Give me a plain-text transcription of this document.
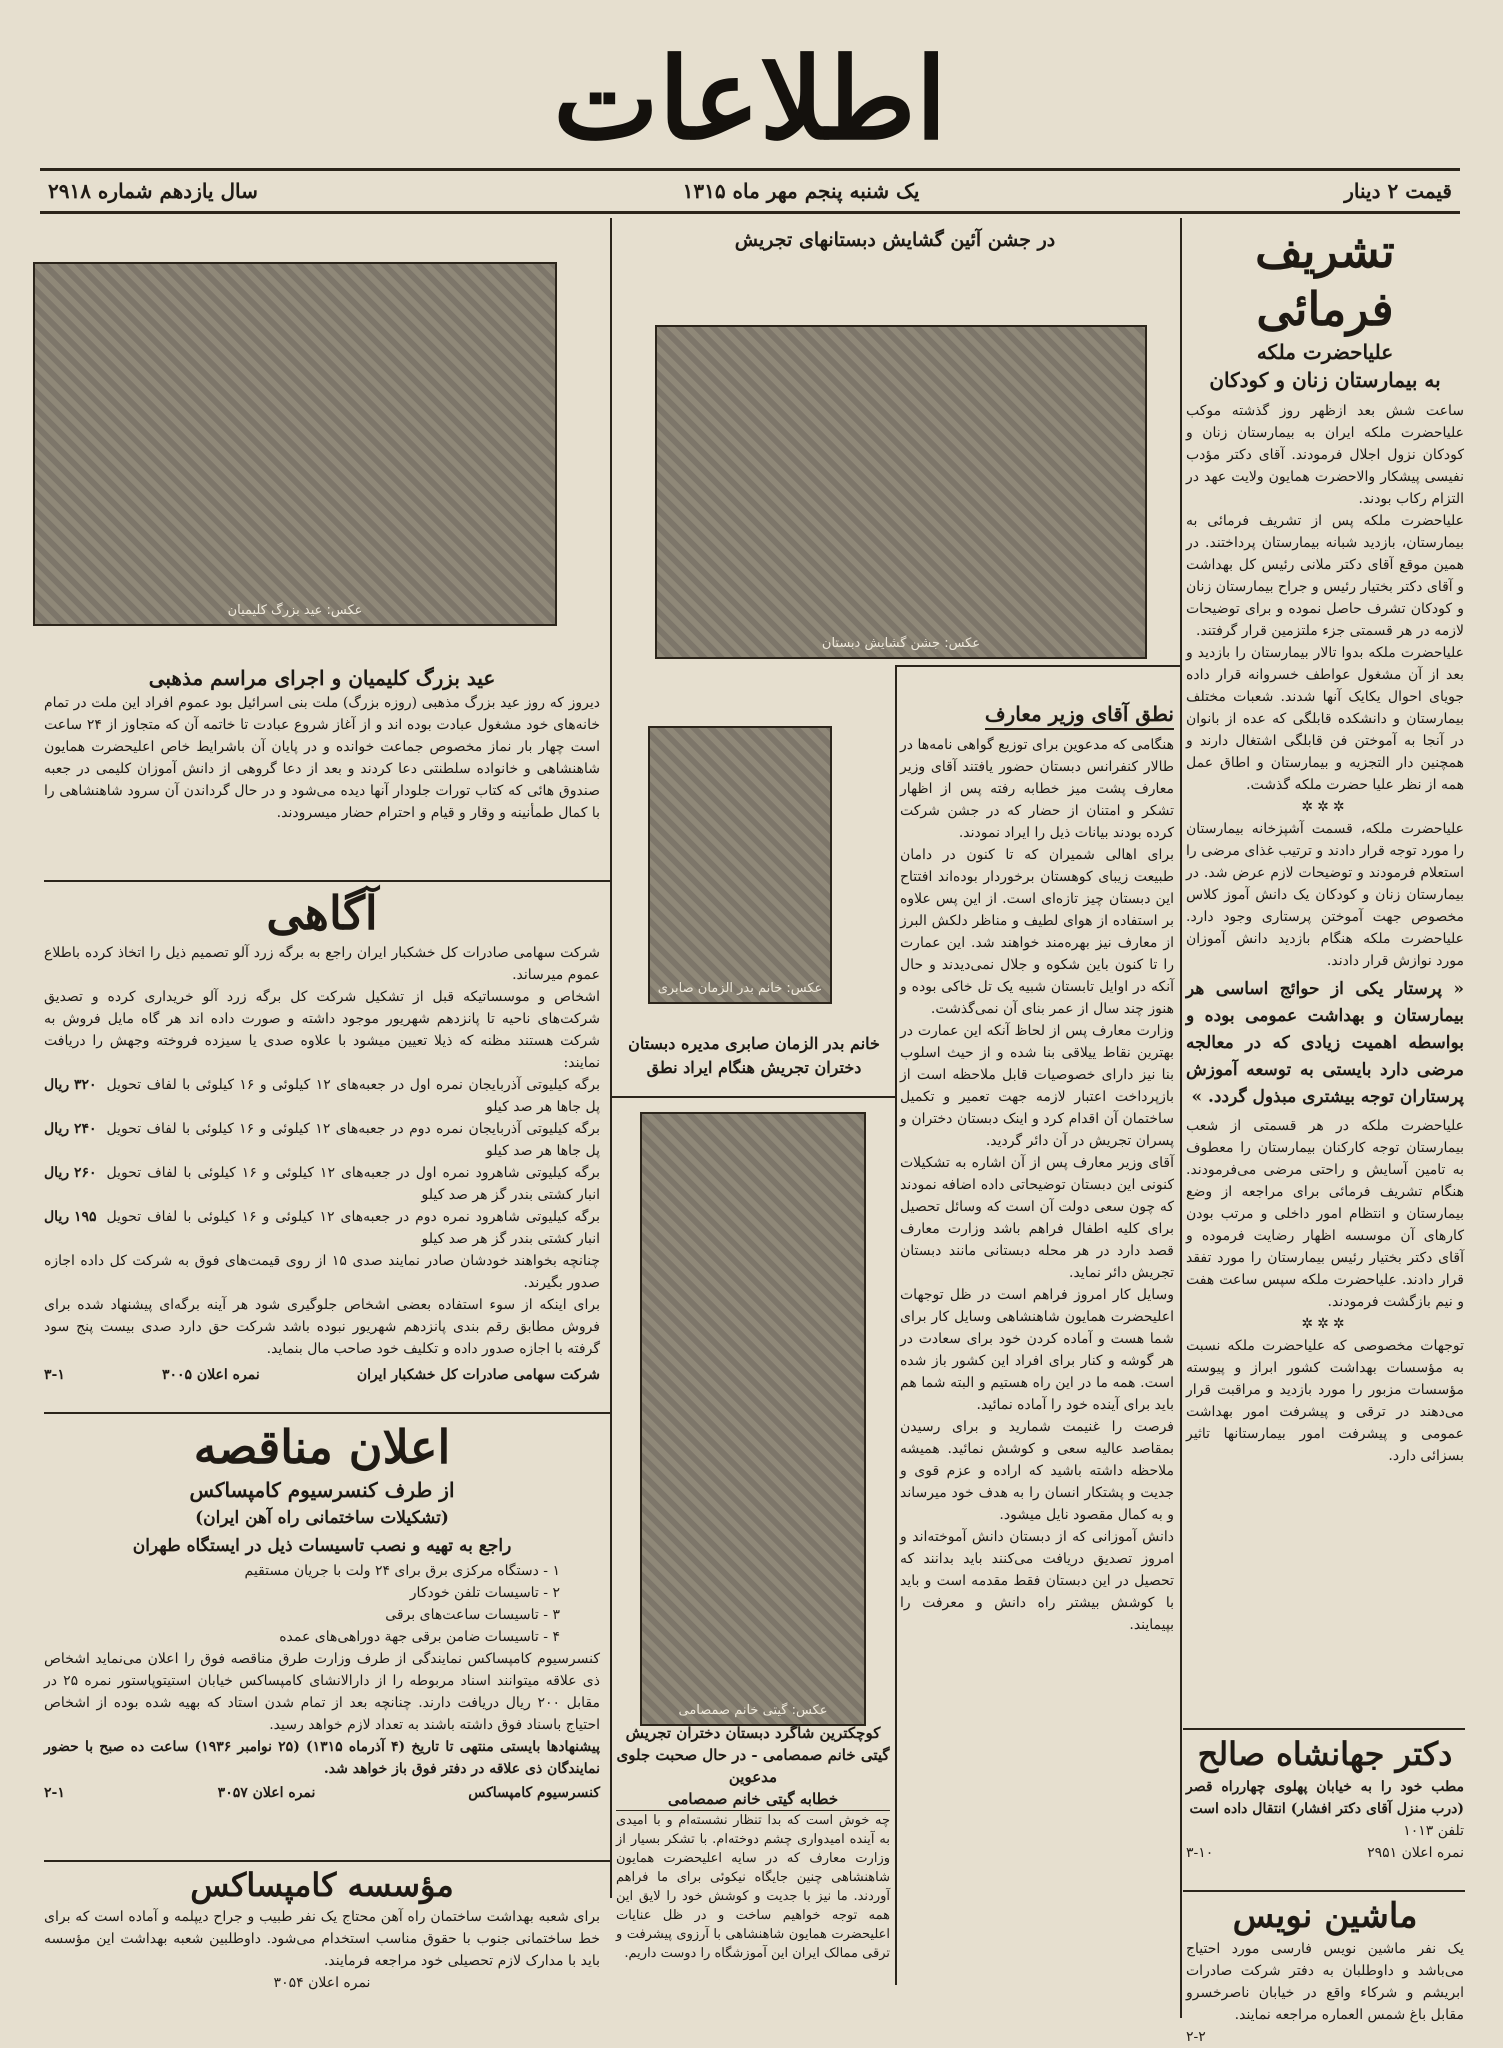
اطلاعات
سال یازدهم شماره ۲۹۱۸	یک شنبه پنجم مهر ماه ۱۳۱۵	قیمت ۲ دینار
تشریف فرمائی
علیاحضرت ملکه
به بیمارستان زنان و کودکان

ساعت شش بعد ازظهر روز گذشته موکب علیاحضرت ملکه ایران به بیمارستان زنان و کودکان نزول اجلال فرمودند. آقای دکتر مؤدب نفیسی پیشکار والاحضرت همایون ولایت عهد در التزام رکاب بودند.

علیاحضرت ملکه پس از تشریف فرمائی به بیمارستان، بازدید شبانه بیمارستان پرداختند. در همین موقع آقای دکتر ملانی رئیس کل بهداشت و آقای دکتر بختیار رئیس و جراح بیمارستان زنان و کودکان تشرف حاصل نموده و برای توضیحات لازمه در هر قسمتی جزء ملتزمین قرار گرفتند.

علیاحضرت ملکه بدوا تالار بیمارستان را بازدید و بعد از آن مشغول عواطف خسروانه قرار داده جویای احوال یکایک آنها شدند. شعبات مختلف بیمارستان و دانشکده قابلگی که عده از بانوان در آنجا به آموختن فن قابلگی اشتغال دارند و همچنین دار التجزیه و بیمارستان و اطاق عمل همه از نظر علیا حضرت ملکه گذشت.

✲✲✲
علیاحضرت ملکه، قسمت آشپزخانه بیمارستان را مورد توجه قرار دادند و ترتیب غذای مرضی را استعلام فرمودند و توضیحات لازم عرض شد. در بیمارستان زنان و کودکان یک دانش آموز کلاس مخصوص جهت آموختن پرستاری وجود دارد. علیاحضرت ملکه هنگام بازدید دانش آموزان مورد نوازش قرار دادند.
« پرستار یکی از حوائج اساسی هر بیمارستان و بهداشت عمومی بوده و بواسطه اهمیت زیادی که در معالجه مرضی دارد بایستی به توسعه آموزش پرستاران توجه بیشتری مبذول گردد. »
علیاحضرت ملکه در هر قسمتی از شعب بیمارستان توجه کارکنان بیمارستان را معطوف به تامین آسایش و راحتی مرضی می‌فرمودند. هنگام تشریف فرمائی برای مراجعه از وضع بیمارستان و انتظام امور داخلی و مرتب بودن کارهای آن موسسه اظهار رضایت فرموده و آقای دکتر بختیار رئیس بیمارستان را مورد تفقد قرار دادند. علیاحضرت ملکه سپس ساعت هفت و نیم بازگشت فرمودند.
✲✲✲
توجهات مخصوصی که علیاحضرت ملکه نسبت به مؤسسات بهداشت کشور ابراز و پیوسته مؤسسات مزبور را مورد بازدید و مراقبت قرار می‌دهند در ترقی و پیشرفت امور بهداشت عمومی و پیشرفت امور بیمارستانها تاثیر بسزائی دارد.
دکتر جهانشاه صالح
مطب خود را به خیابان پهلوی چهارراه قصر (درب منزل آقای دکتر افشار) انتقال داده است
تلفن ۱۰۱۳
نمره اعلان ۲۹۵۱
۳-۱۰
ماشین نویس
یک نفر ماشین نویس فارسی مورد احتیاج می‌باشد و داوطلبان به دفتر شرکت صادرات ابریشم و شرکاء واقع در خیابان ناصرخسرو مقابل باغ شمس العماره مراجعه نمایند.
۲-۲
در جشن آئین گشایش دبستانهای تجریش
عکس: جشن گشایش دبستان
نطق آقای وزیر معارف

هنگامی که مدعوین برای توزیع گواهی نامه‌ها در طالار کنفرانس دبستان حضور یافتند آقای وزیر معارف پشت میز خطابه رفته پس از اظهار تشکر و امتنان از حضار که در جشن شرکت کرده بودند بیانات ذیل را ایراد نمودند.

برای اهالی شمیران که تا کنون در دامان طبیعت زیبای کوهستان برخوردار بوده‌اند افتتاح این دبستان چیز تازه‌ای است. از این پس علاوه بر استفاده از هوای لطیف و مناظر دلکش البرز از معارف نیز بهره‌مند خواهند شد. این عمارت را تا کنون باین شکوه و جلال نمی‌دیدند و حال آنکه در اوایل تابستان شبیه یک تل خاکی بوده و هنوز چند سال از عمر بنای آن نمی‌گذشت.

وزارت معارف پس از لحاظ آنکه این عمارت در بهترین نقاط ییلاقی بنا شده و از حیث اسلوب بنا نیز دارای خصوصیات قابل ملاحظه است از بازپرداخت اعتبار لازمه جهت تعمیر و تکمیل ساختمان آن اقدام کرد و اینک دبستان دختران و پسران تجریش در آن دائر گردید.

آقای وزیر معارف پس از آن اشاره به تشکیلات کنونی این دبستان توضیحاتی داده اضافه نمودند که چون سعی دولت آن است که وسائل تحصیل برای کلیه اطفال فراهم باشد وزارت معارف قصد دارد در هر محله دبستانی مانند دبستان تجریش دائر نماید.

وسایل کار امروز فراهم است در ظل توجهات اعلیحضرت همایون شاهنشاهی وسایل کار برای شما هست و آماده کردن خود برای سعادت در هر گوشه و کنار برای افراد این کشور باز شده است. همه ما در این راه هستیم و البته شما هم باید برای آینده خود را آماده نمائید.

فرصت را غنیمت شمارید و برای رسیدن بمقاصد عالیه سعی و کوشش نمائید. همیشه ملاحظه داشته باشید که اراده و عزم قوی و جدیت و پشتکار انسان را به هدف خود میرساند و به کمال مقصود نایل میشود.

دانش آموزانی که از دبستان دانش آموخته‌اند و امروز تصدیق دریافت می‌کنند باید بدانند که تحصیل در این دبستان فقط مقدمه است و باید با کوشش بیشتر راه دانش و معرفت را بپیمایند.

عکس: خانم بدر الزمان صابری
خانم بدر الزمان صابری مدیره دبستان دختران تجریش هنگام ایراد نطق
عکس: گیتی خانم صمصامی
کوچکترین شاگرد دبستان دختران تجریش گیتی خانم صمصامی - در حال صحبت جلوی مدعوین
خطابه گیتی خانم صمصامی
چه خوش است که بدا تنظار نشسته‌ام و با امیدی به آینده امیدواری چشم دوخته‌ام. با تشکر بسیار از وزارت معارف که در سایه اعلیحضرت همایون شاهنشاهی چنین جایگاه نیکوئی برای ما فراهم آوردند. ما نیز با جدیت و کوشش خود را لایق این همه توجه خواهیم ساخت و در ظل عنایات اعلیحضرت همایون شاهنشاهی با آرزوی پیشرفت و ترقی ممالک ایران این آموزشگاه را دوست داریم.
عکس: عید بزرگ کلیمیان
عید بزرگ کلیمیان و اجرای مراسم مذهبی
دیروز که روز عید بزرگ مذهبی (روزه بزرگ) ملت بنی اسرائیل بود عموم افراد این ملت در تمام خانه‌های خود مشغول عبادت بوده اند و از آغاز شروع عبادت تا خاتمه آن که متجاوز از ۲۴ ساعت است چهار بار نماز مخصوص جماعت خوانده و در پایان آن باشرایط خاص اعلیحضرت همایون شاهنشاهی و خانواده سلطنتی دعا کردند و بعد از دعا گروهی از دانش آموزان کلیمی در جعبه صندوق هائی که کتاب تورات جلودار آنها دیده می‌شود و در حال گرداندن آن سرود شاهنشاهی را با کمال طمأنینه و وقار و قیام و احترام حضار میسرودند.
آگاهی
شرکت سهامی صادرات کل خشکبار ایران راجع به برگه زرد آلو تصمیم ذیل را اتخاذ کرده باطلاع عموم میرساند.
اشخاص و موسساتیکه قبل از تشکیل شرکت کل برگه زرد آلو خریداری کرده و تصدیق شرکت‌های ناحیه تا پانزدهم شهریور موجود داشته و صورت داده اند هر گاه مایل فروش به شرکت هستند مظنه که ذیلا تعیین میشود با علاوه صدی یا سیزده فروخته وجهش را دریافت نمایند:
برگه کیلیوتی آذربایجان نمره اول در جعبه‌های ۱۲ کیلوئی و ۱۶ کیلوئی با لفاف تحویل پل جاها هر صد کیلو
۳۲۰ ریال
برگه کیلیوتی آذربایجان نمره دوم در جعبه‌های ۱۲ کیلوئی و ۱۶ کیلوئی با لفاف تحویل پل جاها هر صد کیلو
۲۴۰ ریال
برگه کیلیوتی شاهرود نمره اول در جعبه‌های ۱۲ کیلوئی و ۱۶ کیلوئی با لفاف تحویل انبار کشتی بندر گز هر صد کیلو
۲۶۰ ریال
برگه کیلیوتی شاهرود نمره دوم در جعبه‌های ۱۲ کیلوئی و ۱۶ کیلوئی با لفاف تحویل انبار کشتی بندر گز هر صد کیلو
۱۹۵ ریال
چنانچه بخواهند خودشان صادر نمایند صدی ۱۵ از روی قیمت‌های فوق به شرکت کل داده اجازه صدور بگیرند.
برای اینکه از سوء استفاده بعضی اشخاص جلوگیری شود هر آینه برگه‌ای پیشنهاد شده برای فروش مطابق رقم بندی پانزدهم شهریور نبوده باشد شرکت حق دارد صدی بیست پنج سود گرفته با اجازه صدور داده و تکلیف خود صاحب مال بنماید.
شرکت سهامی صادرات کل خشکبار ایران
نمره اعلان ۳۰۰۵
۳-۱
اعلان مناقصه
از طرف کنسرسیوم کامپساکس
(تشکیلات ساختمانی راه آهن ایران)
راجع به تهیه و نصب تاسیسات ذیل در ایستگاه طهران
۱ - دستگاه مرکزی برق برای ۲۴ ولت با جریان مستقیم
۲ - تاسیسات تلفن خودکار
۳ - تاسیسات ساعت‌های برقی
۴ - تاسیسات ضامن برقی جهة دوراهی‌های عمده
کنسرسیوم کامپساکس نمایندگی از طرف وزارت طرق مناقصه فوق را اعلان می‌نماید اشخاص ذی علاقه میتوانند اسناد مربوطه را از دارالانشای کامپساکس خیابان استیتوپاستور نمره ۲۵ در مقابل ۲۰۰ ریال دریافت دارند. چنانچه بعد از تمام شدن استاد که بهیه شده بوده از اشخاص احتیاج باسناد فوق داشته باشند به تعداد لازم خواهد رسید.
پیشنهادها بایستی منتهی تا تاریخ (۴ آذرماه ۱۳۱۵) (۲۵ نوامبر ۱۹۳۶) ساعت ده صبح با حضور نمایندگان ذی علاقه در دفتر فوق باز خواهد شد.
کنسرسیوم کامپساکس
نمره اعلان ۳۰۵۷
۲-۱
مؤسسه کامپساکس
برای شعبه بهداشت ساختمان راه آهن محتاج یک نفر طبیب و جراح دیپلمه و آماده است که برای خط ساختمانی جنوب با حقوق مناسب استخدام می‌شود. داوطلبین شعبه بهداشت این مؤسسه باید با مدارک لازم تحصیلی خود مراجعه فرمایند.
نمره اعلان ۳۰۵۴
